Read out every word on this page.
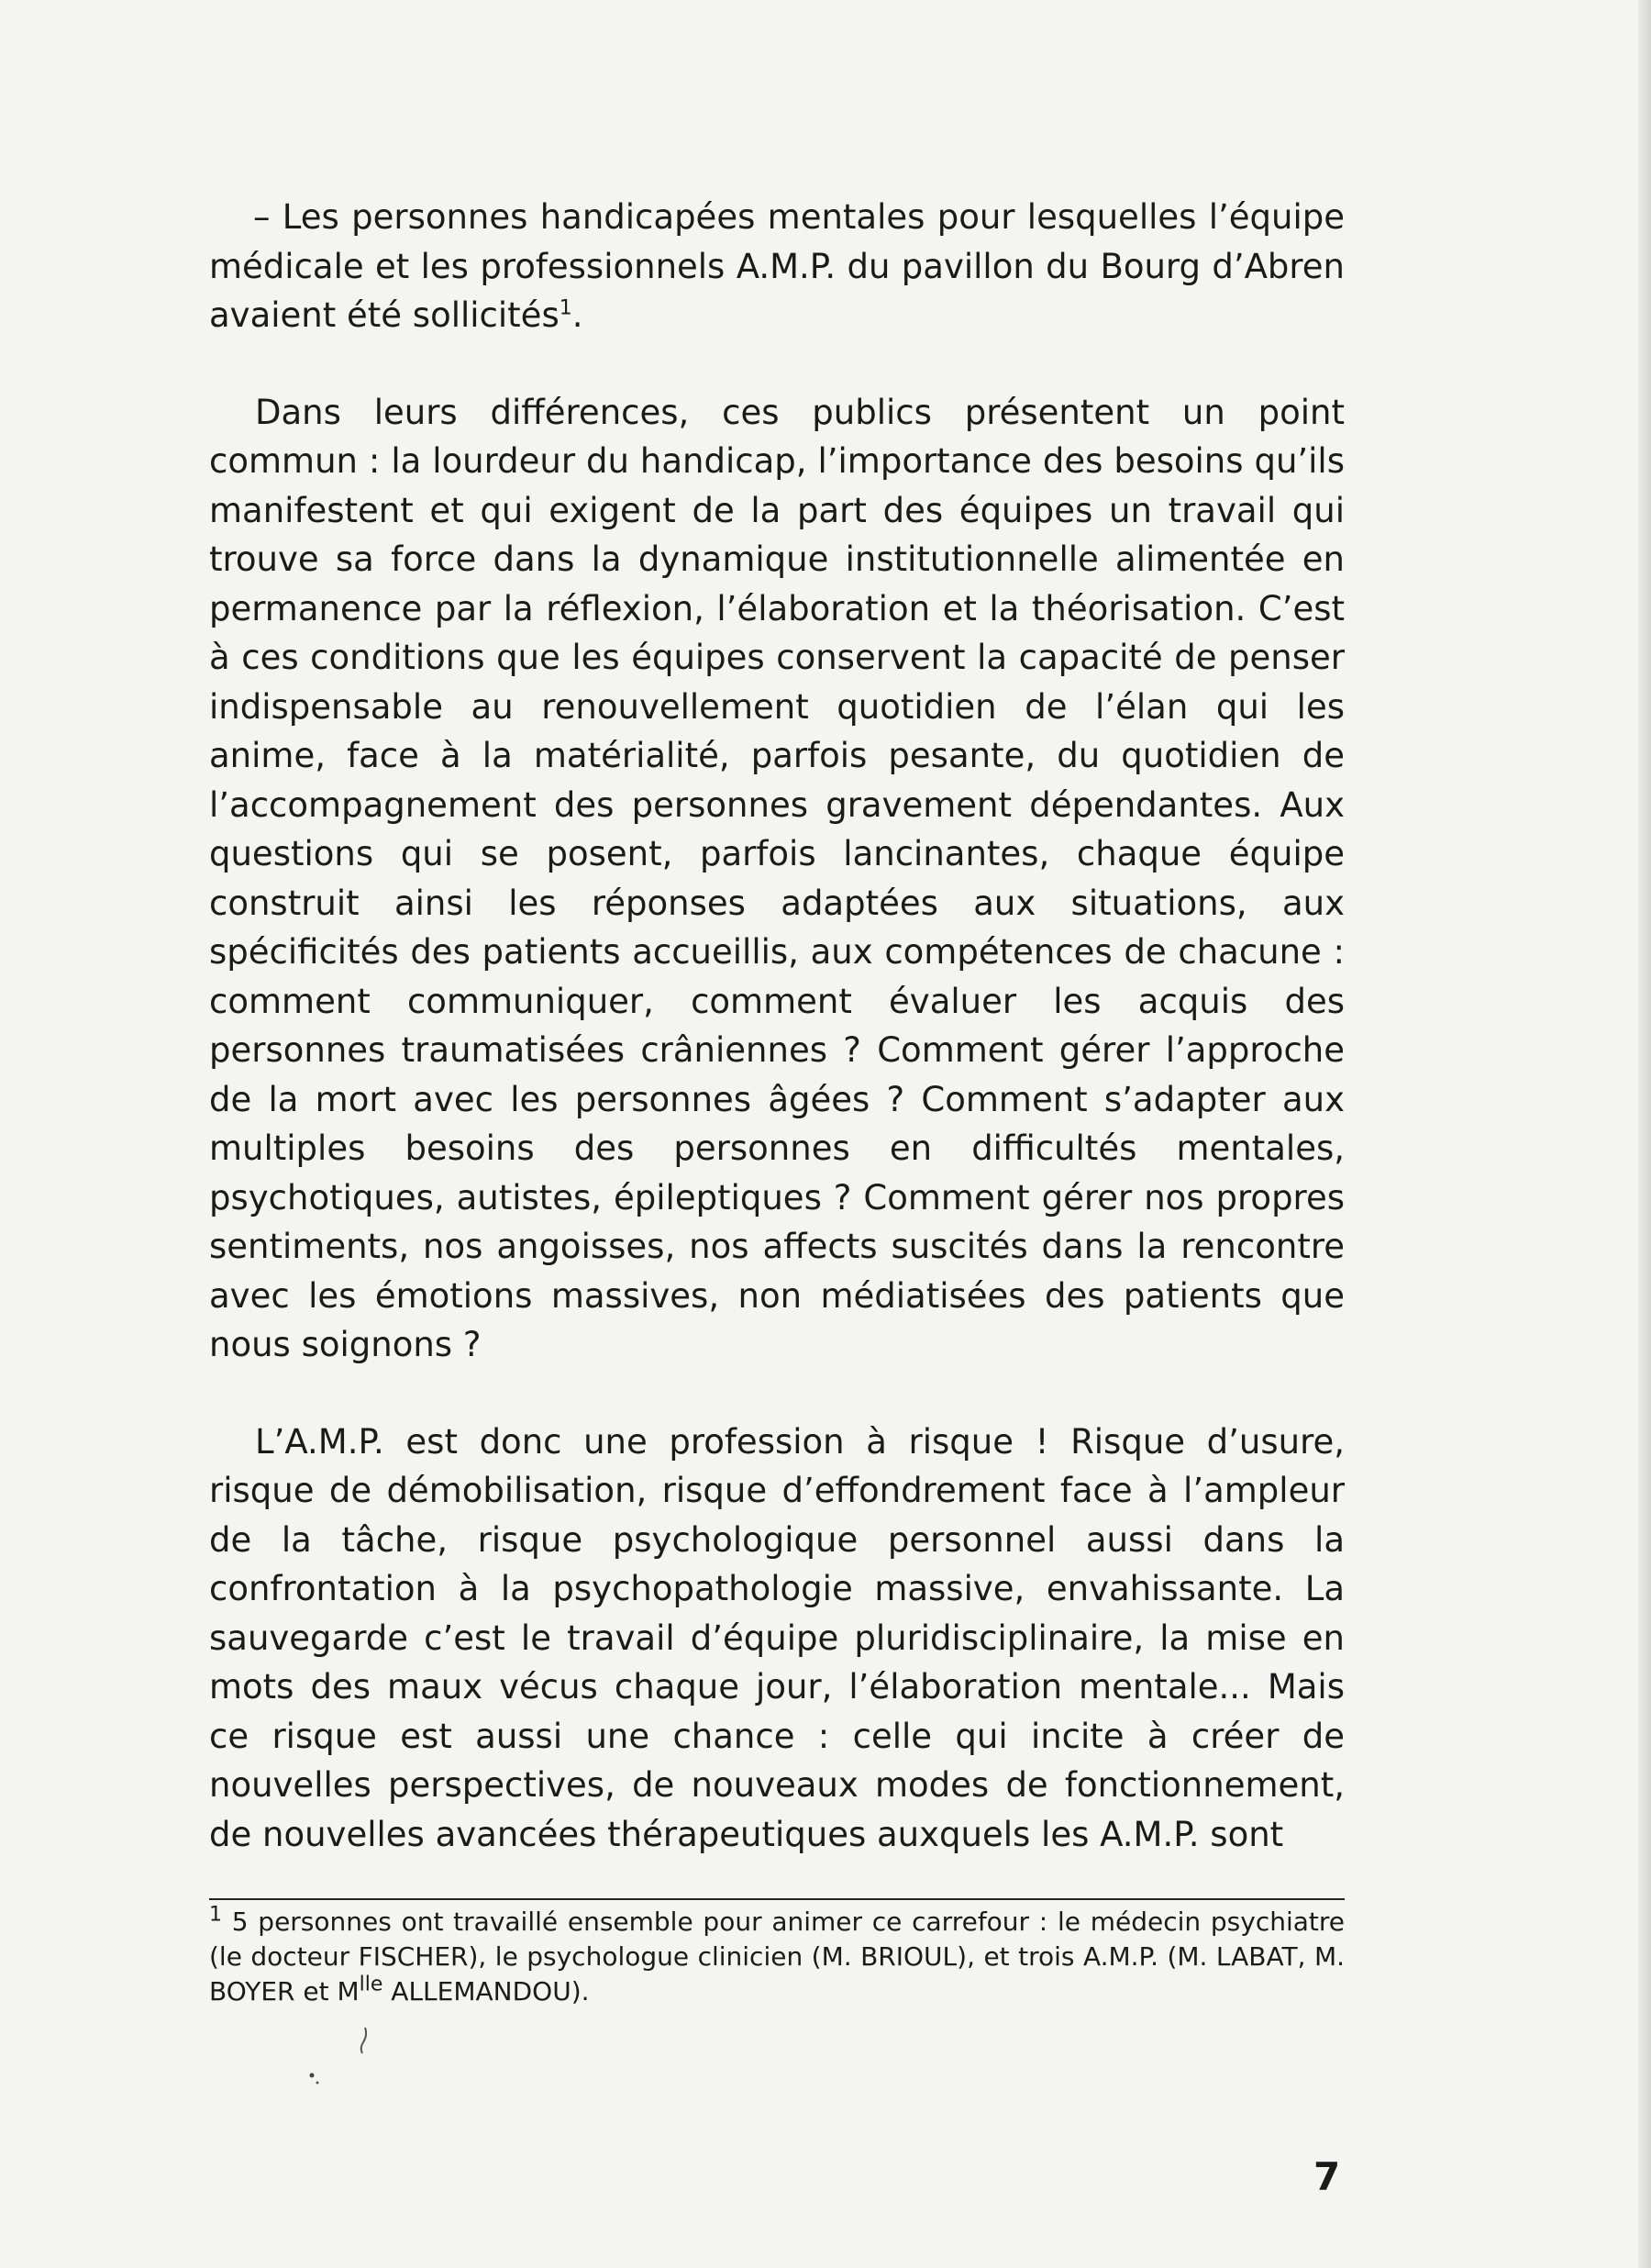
– Les personnes handicapées mentales pour lesquelles l’équipe médicale et les professionnels A.M.P. du pavillon du Bourg d’Abren avaient été sollicités$^1$.

Dans leurs différences, ces publics présentent un point commun : la lourdeur du handicap, l’importance des besoins qu’ils manifestent et qui exigent de la part des équipes un travail qui trouve sa force dans la dynamique institutionnelle alimentée en permanence par la réflexion, l’élaboration et la théorisation. C’est à ces conditions que les équipes conservent la capacité de penser indispensable au renouvellement quotidien de l’élan qui les anime, face à la matérialité, parfois pesante, du quotidien de l’accompagnement des personnes gravement dépendantes. Aux questions qui se posent, parfois lancinantes, chaque équipe construit ainsi les réponses adaptées aux situations, aux spécificités des patients accueillis, aux compétences de chacune : comment communiquer, comment évaluer les acquis des personnes traumatisées crâniennes ? Comment gérer l’approche de la mort avec les personnes âgées ? Comment s’adapter aux multiples besoins des personnes en difficultés mentales, psychotiques, autistes, épileptiques ? Comment gérer nos propres sentiments, nos angoisses, nos affects suscités dans la rencontre avec les émotions massives, non médiatisées des patients que nous soignons ?

L’A.M.P. est donc une profession à risque ! Risque d’usure, risque de démobilisation, risque d’effondrement face à l’ampleur de la tâche, risque psychologique personnel aussi dans la confrontation à la psychopathologie massive, envahissante. La sauvegarde c’est le travail d’équipe pluridisciplinaire, la mise en mots des maux vécus chaque jour, l’élaboration mentale... Mais ce risque est aussi une chance : celle qui incite à créer de nouvelles perspectives, de nouveaux modes de fonctionnement, de nouvelles avancées thérapeutiques auxquels les A.M.P. sont

$^1$ 5 personnes ont travaillé ensemble pour animer ce carrefour : le médecin psychiatre (le docteur FISCHER), le psychologue clinicien (M. BRIOUL), et trois A.M.P. (M. LABAT, M. BOYER et $M^{lle}$ ALLEMANDOU).

7
